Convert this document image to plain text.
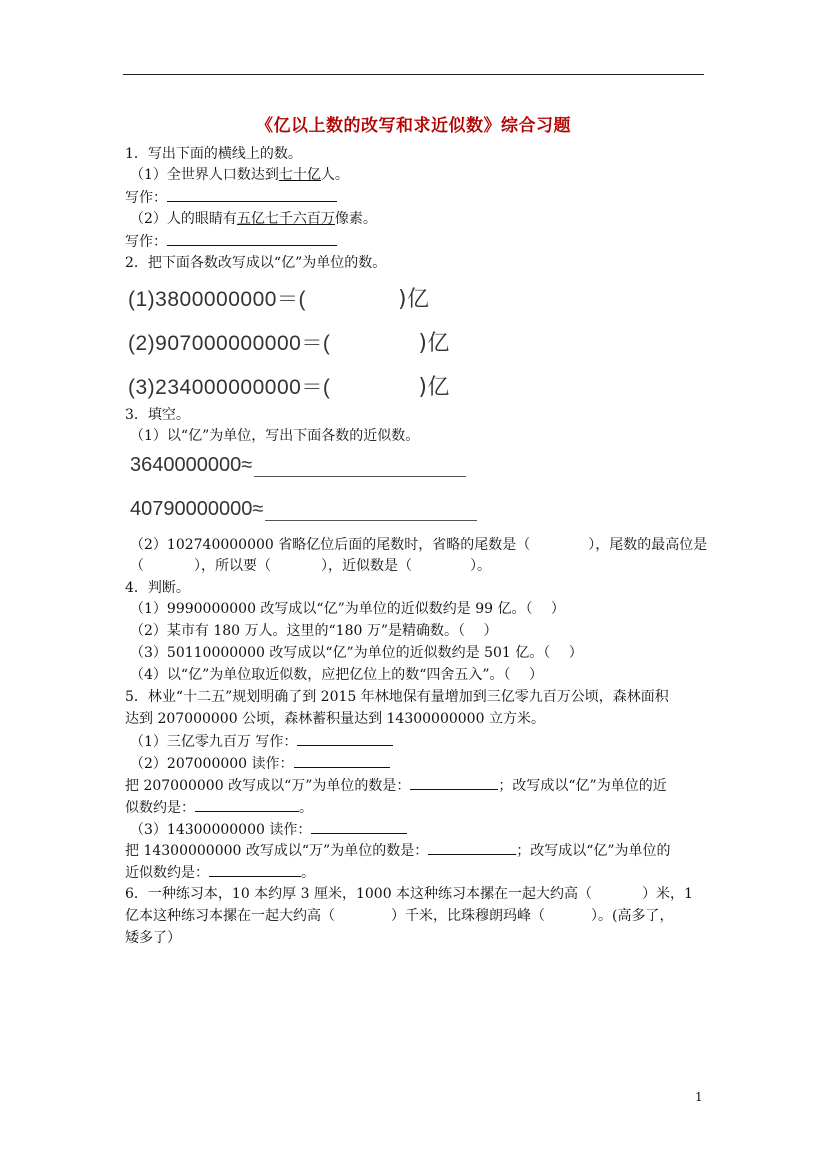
《亿以上数的改写和求近似数》综合习题
1．写出下面的横线上的数。
（1）全世界人口数达到七十亿人。
写作：
（2）人的眼睛有五亿七千六百万像素。
写作：
2．把下面各数改写成以“亿”为单位的数。
(1)3800000000＝(	)亿
(2)907000000000＝(	)亿
(3)234000000000＝(	)亿
3．填空。
（1）以“亿”为单位，写出下面各数的近似数。
3640000000≈
40790000000≈
（2）102740000000 省略亿位后面的尾数时，省略的尾数是（	），尾数的最高位是
（	），所以要（	），近似数是（	）。
4．判断。
（1）9990000000 改写成以“亿”为单位的近似数约是 99 亿。（　 ）
（2）某市有 180 万人。这里的“180 万”是精确数。（　 ）
（3）50110000000 改写成以“亿”为单位的近似数约是 501 亿。（　 ）
（4）以“亿”为单位取近似数，应把亿位上的数“四舍五入”。（　 ）
5．林业“十二五”规划明确了到 2015 年林地保有量增加到三亿零九百万公顷，森林面积
达到 207000000 公顷，森林蓄积量达到 14300000000 立方米。
（1）三亿零九百万 写作：
（2）207000000 读作：
把 207000000 改写成以“万”为单位的数是：	；改写成以“亿”为单位的近
似数约是：	。
（3）14300000000 读作：
把 14300000000 改写成以“万”为单位的数是：	；改写成以“亿”为单位的
近似数约是：	。
6．一种练习本，10 本约厚 3 厘米，1000 本这种练习本摞在一起大约高（	）米，1
亿本这种练习本摞在一起大约高（	）千米，比珠穆朗玛峰（	）。(高多了，
矮多了）
1
